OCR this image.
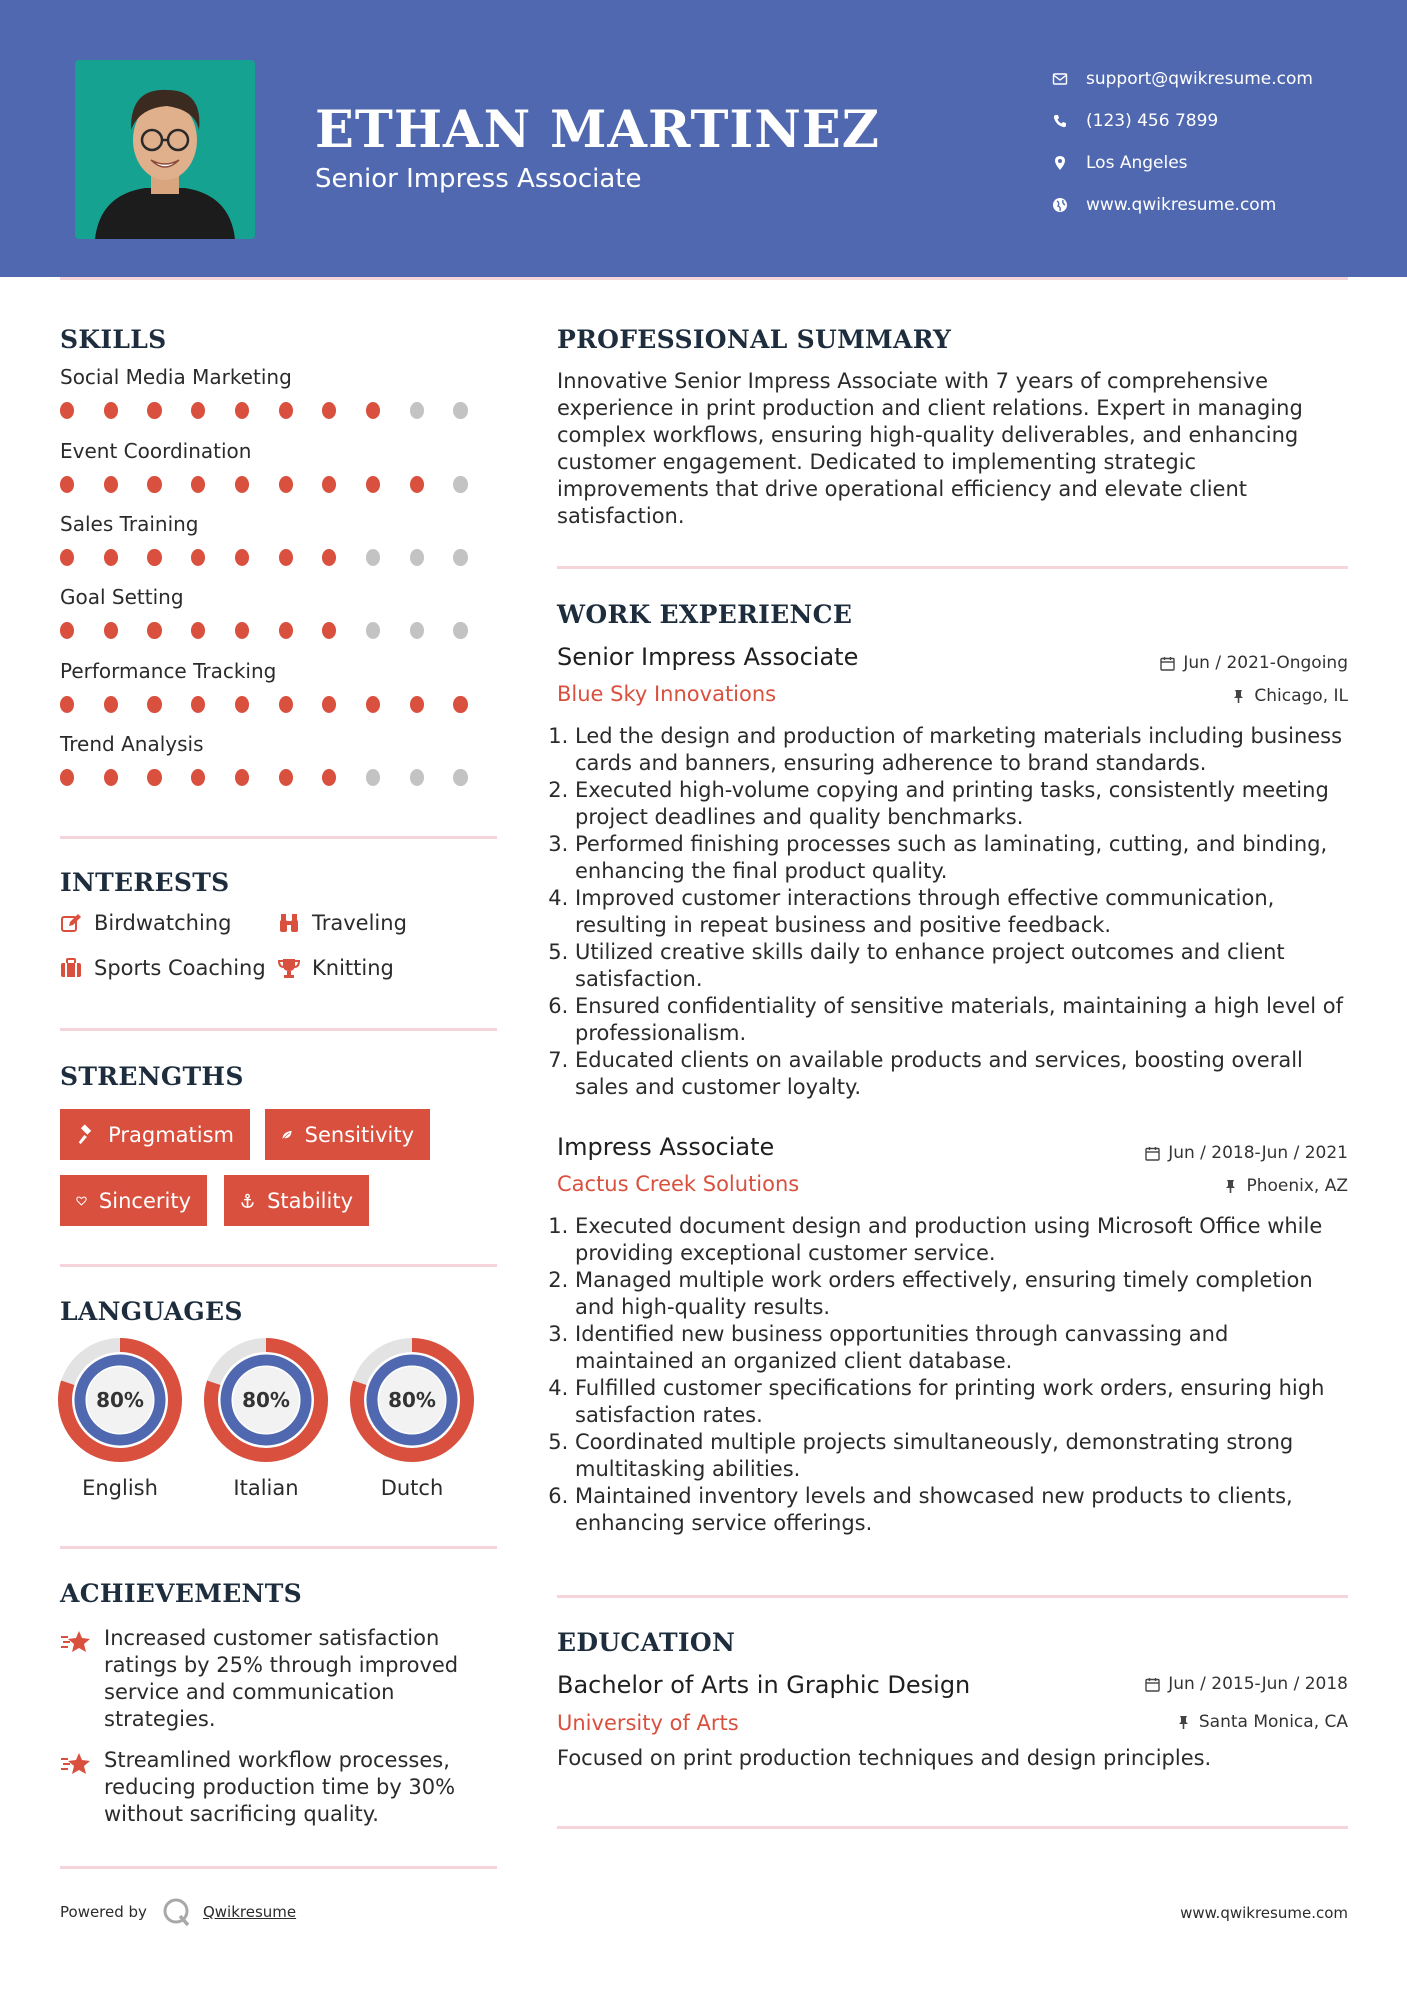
ETHAN MARTINEZ
Senior Impress Associate
support@qwikresume.com
(123) 456 7899
Los Angeles
www.qwikresume.com
SKILLS
Social Media Marketing
Event Coordination
Sales Training
Goal Setting
Performance Tracking
Trend Analysis
INTERESTS
Birdwatching	Traveling
Sports Coaching Knitting
STRENGTHS
Pragmatism	Sensitivity
Sincerity	Stability
LANGUAGES
80%
English
80%
Italian
80%
Dutch
ACHIEVEMENTS
Increased customer satisfaction ratings by 25% through improved service and communication strategies.
Streamlined workflow processes, reducing production time by 30% without sacrificing quality.
PROFESSIONAL SUMMARY
Innovative Senior Impress Associate with 7 years of comprehensive experience in print production and client relations. Expert in managing complex workflows, ensuring high-quality deliverables, and enhancing customer engagement. Dedicated to implementing strategic improvements that drive operational efficiency and elevate client satisfaction.
WORK EXPERIENCE
Senior Impress Associate	Jun / 2021-Ongoing
Blue Sky Innovations	Chicago, IL
1. Led the design and production of marketing materials including business cards and banners, ensuring adherence to brand standards.
2. Executed high-volume copying and printing tasks, consistently meeting project deadlines and quality benchmarks.
3. Performed finishing processes such as laminating, cutting, and binding, enhancing the final product quality.
4. Improved customer interactions through effective communication, resulting in repeat business and positive feedback.
5. Utilized creative skills daily to enhance project outcomes and client satisfaction.
6. Ensured confidentiality of sensitive materials, maintaining a high level of professionalism.
7. Educated clients on available products and services, boosting overall sales and customer loyalty.
Impress Associate	Jun / 2018-Jun / 2021
Cactus Creek Solutions	Phoenix, AZ
1. Executed document design and production using Microsoft Office while providing exceptional customer service.
2. Managed multiple work orders effectively, ensuring timely completion and high-quality results.
3. Identified new business opportunities through canvassing and maintained an organized client database.
4. Fulfilled customer specifications for printing work orders, ensuring high satisfaction rates.
5. Coordinated multiple projects simultaneously, demonstrating strong multitasking abilities.
6. Maintained inventory levels and showcased new products to clients, enhancing service offerings.
EDUCATION
Bachelor of Arts in Graphic Design	Jun / 2015-Jun / 2018
University of Arts	Santa Monica, CA
Focused on print production techniques and design principles.
Powered by	Qwikresume	www.qwikresume.com
